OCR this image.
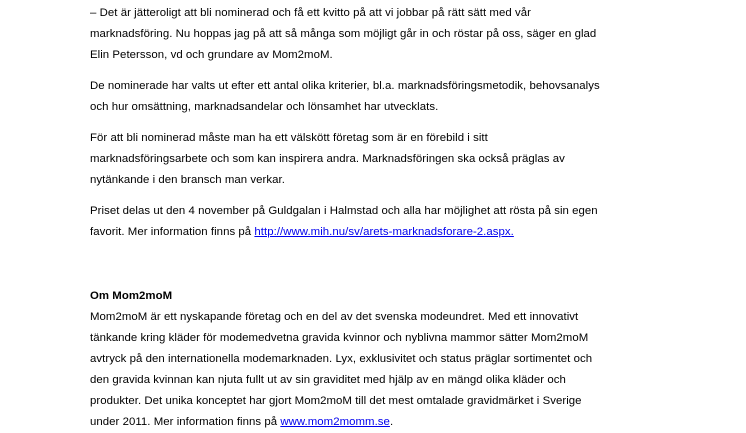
– Det är jätteroligt att bli nominerad och få ett kvitto på att vi jobbar på rätt sätt med vår

marknadsföring. Nu hoppas jag på att så många som möjligt går in och röstar på oss, säger en glad

Elin Petersson, vd och grundare av Mom2moM.

De nominerade har valts ut efter ett antal olika kriterier, bl.a. marknadsföringsmetodik, behovsanalys

och hur omsättning, marknadsandelar och lönsamhet har utvecklats.

För att bli nominerad måste man ha ett välskött företag som är en förebild i sitt

marknadsföringsarbete och som kan inspirera andra. Marknadsföringen ska också präglas av

nytänkande i den bransch man verkar.

Priset delas ut den 4 november på Guldgalan i Halmstad och alla har möjlighet att rösta på sin egen

favorit. Mer information finns på http://www.mih.nu/sv/arets-marknadsforare-2.aspx.

Om Mom2moM

Mom2moM är ett nyskapande företag och en del av det svenska modeundret. Med ett innovativt

tänkande kring kläder för modemedvetna gravida kvinnor och nyblivna mammor sätter Mom2moM

avtryck på den internationella modemarknaden. Lyx, exklusivitet och status präglar sortimentet och

den gravida kvinnan kan njuta fullt ut av sin graviditet med hjälp av en mängd olika kläder och

produkter. Det unika konceptet har gjort Mom2moM till det mest omtalade gravidmärket i Sverige

under 2011. Mer information finns på www.mom2momm.se.
